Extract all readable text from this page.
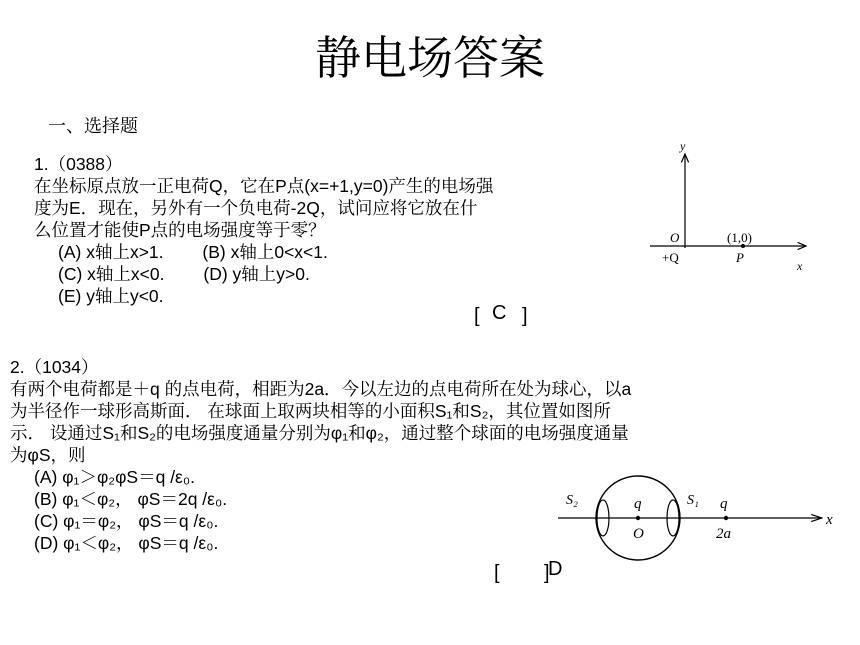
静电场答案
一、选择题
1.（0388）
在坐标原点放一正电荷Q，它在P点(x=+1,y=0)产生的电场强
度为E．现在，另外有一个负电荷-2Q，试问应将它放在什
么位置才能使P点的电场强度等于零？
(A) x轴上x>1.        (B) x轴上0<x<1.
(C) x轴上x<0.        (D) y轴上y>0.
(E) y轴上y<0.
[ C ]
y
x
O
+Q
(1,0)
P
2.（1034）
有两个电荷都是＋q 的点电荷，相距为2a．今以左边的点电荷所在处为球心，以a
为半径作一球形高斯面． 在球面上取两块相等的小面积S₁和S₂，其位置如图所
示． 设通过S₁和S₂的电场强度通量分别为φ₁和φ₂，通过整个球面的电场强度通量
为φS，则
(A) φ₁＞φ₂φS＝q /ε₀.
(B) φ₁＜φ₂， φS＝2q /ε₀.
(C) φ₁＝φ₂， φS＝q /ε₀.
(D) φ₁＜φ₂， φS＝q /ε₀.
[ ]
D
S₂	S₁
q	q
O	2a
x
